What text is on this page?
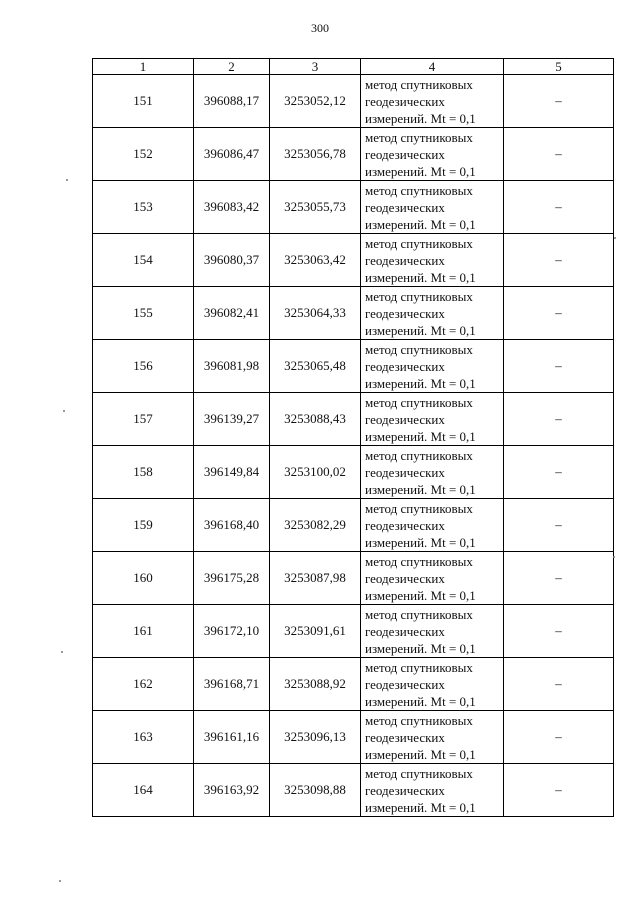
300
1	2	3	4	5
151	396088,17	3253052,12	метод спутниковых
геодезических
измерений. Mt = 0,1	–
152	396086,47	3253056,78	метод спутниковых
геодезических
измерений. Mt = 0,1	–
153	396083,42	3253055,73	метод спутниковых
геодезических
измерений. Mt = 0,1	–
154	396080,37	3253063,42	метод спутниковых
геодезических
измерений. Mt = 0,1	–
155	396082,41	3253064,33	метод спутниковых
геодезических
измерений. Mt = 0,1	–
156	396081,98	3253065,48	метод спутниковых
геодезических
измерений. Mt = 0,1	–
157	396139,27	3253088,43	метод спутниковых
геодезических
измерений. Mt = 0,1	–
158	396149,84	3253100,02	метод спутниковых
геодезических
измерений. Mt = 0,1	–
159	396168,40	3253082,29	метод спутниковых
геодезических
измерений. Mt = 0,1	–
160	396175,28	3253087,98	метод спутниковых
геодезических
измерений. Mt = 0,1	–
161	396172,10	3253091,61	метод спутниковых
геодезических
измерений. Mt = 0,1	–
162	396168,71	3253088,92	метод спутниковых
геодезических
измерений. Mt = 0,1	–
163	396161,16	3253096,13	метод спутниковых
геодезических
измерений. Mt = 0,1	–
164	396163,92	3253098,88	метод спутниковых
геодезических
измерений. Mt = 0,1	–
